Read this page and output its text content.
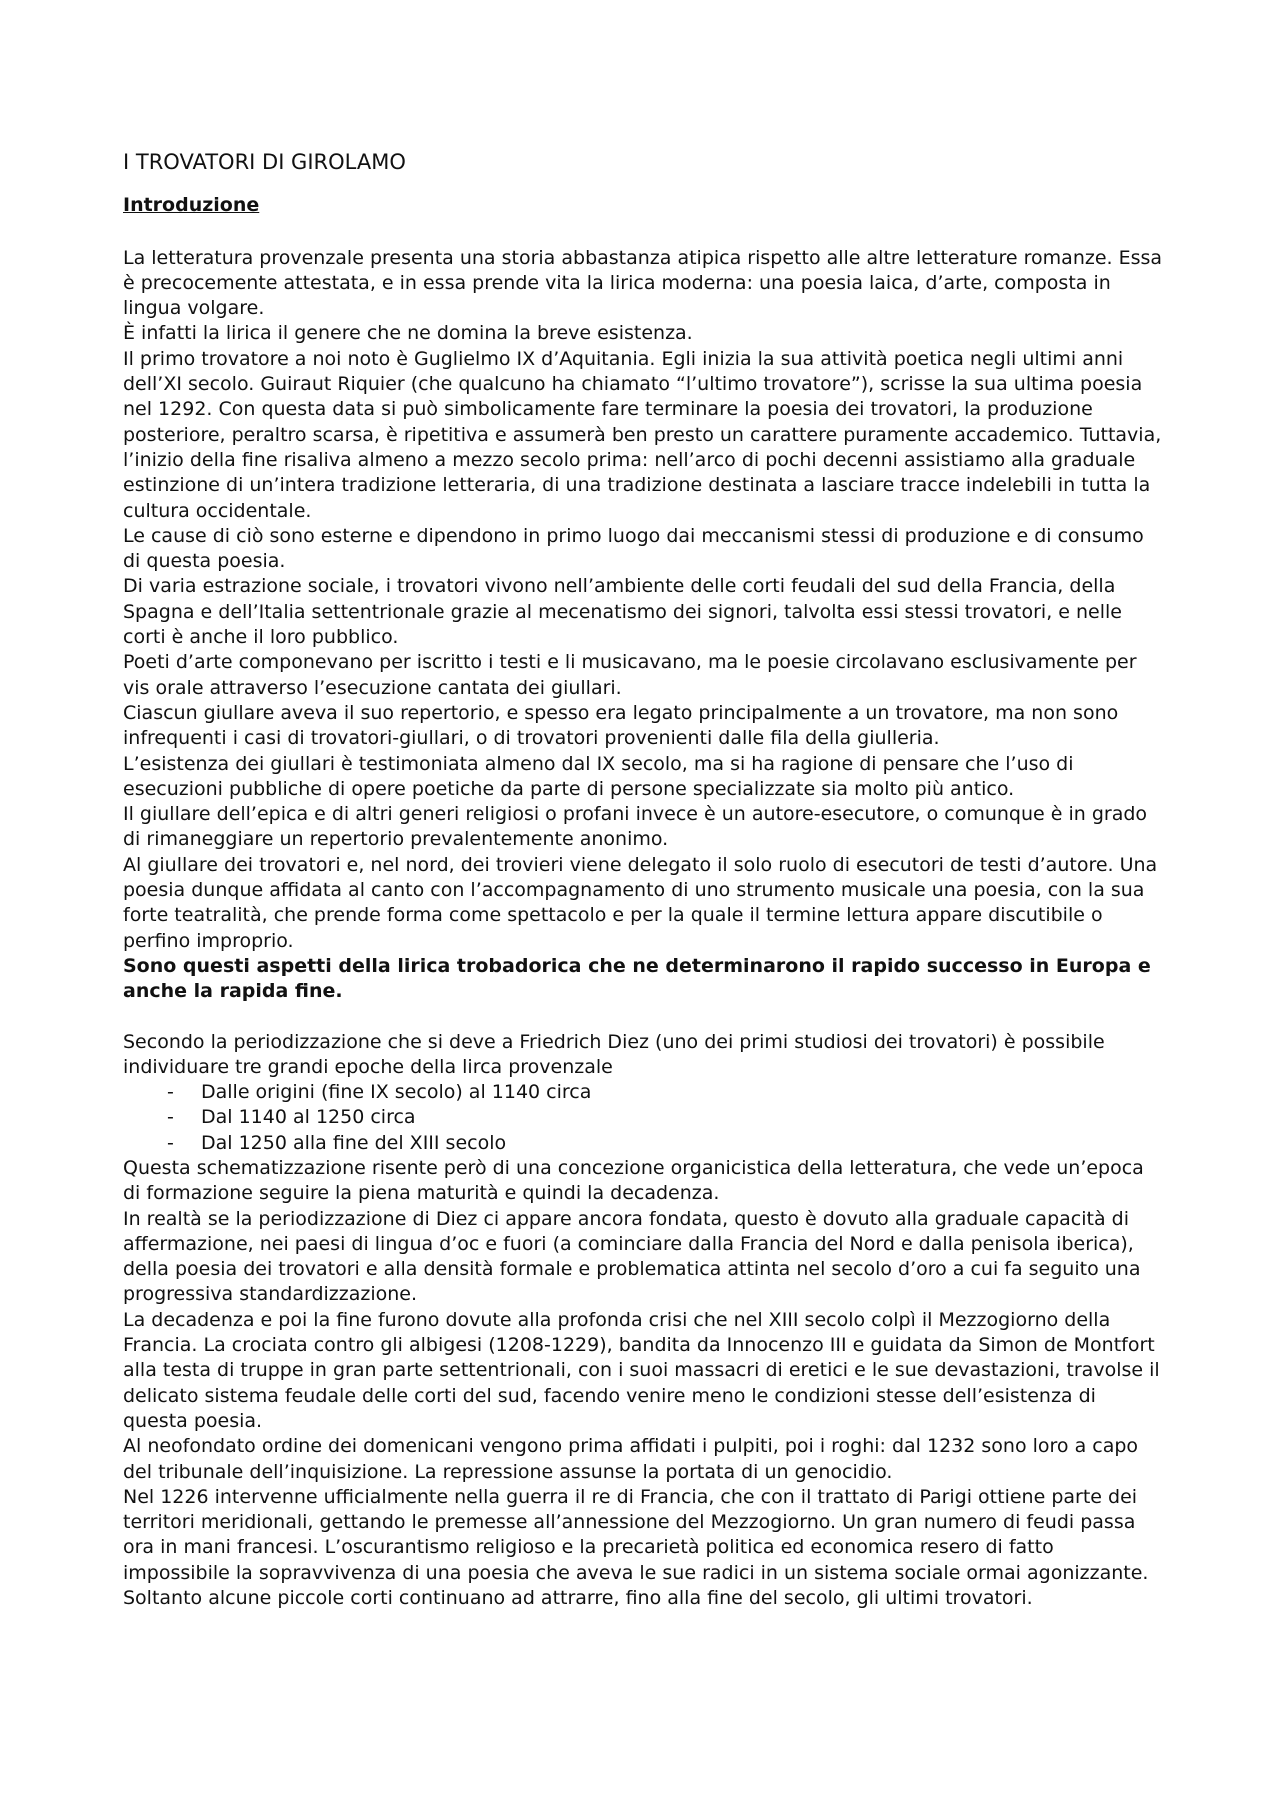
I TROVATORI DI GIROLAMO
Introduzione

La letteratura provenzale presenta una storia abbastanza atipica rispetto alle altre letterature romanze. Essa è precocemente attestata, e in essa prende vita la lirica moderna: una poesia laica, d’arte, composta in lingua volgare.

È infatti la lirica il genere che ne domina la breve esistenza.

Il primo trovatore a noi noto è Guglielmo IX d’Aquitania. Egli inizia la sua attività poetica negli ultimi anni dell’XI secolo. Guiraut Riquier (che qualcuno ha chiamato “l’ultimo trovatore”), scrisse la sua ultima poesia nel 1292. Con questa data si può simbolicamente fare terminare la poesia dei trovatori, la produzione posteriore, peraltro scarsa, è ripetitiva e assumerà ben presto un carattere puramente accademico. Tuttavia, l’inizio della fine risaliva almeno a mezzo secolo prima: nell’arco di pochi decenni assistiamo alla graduale estinzione di un’intera tradizione letteraria, di una tradizione destinata a lasciare tracce indelebili in tutta la cultura occidentale.

Le cause di ciò sono esterne e dipendono in primo luogo dai meccanismi stessi di produzione e di consumo di questa poesia.

Di varia estrazione sociale, i trovatori vivono nell’ambiente delle corti feudali del sud della Francia, della Spagna e dell’Italia settentrionale grazie al mecenatismo dei signori, talvolta essi stessi trovatori, e nelle corti è anche il loro pubblico.

Poeti d’arte componevano per iscritto i testi e li musicavano, ma le poesie circolavano esclusivamente per vis orale attraverso l’esecuzione cantata dei giullari.

Ciascun giullare aveva il suo repertorio, e spesso era legato principalmente a un trovatore, ma non sono infrequenti i casi di trovatori-giullari, o di trovatori provenienti dalle fila della giulleria.

L’esistenza dei giullari è testimoniata almeno dal IX secolo, ma si ha ragione di pensare che l’uso di esecuzioni pubbliche di opere poetiche da parte di persone specializzate sia molto più antico.

Il giullare dell’epica e di altri generi religiosi o profani invece è un autore-esecutore, o comunque è in grado di rimaneggiare un repertorio prevalentemente anonimo.

Al giullare dei trovatori e, nel nord, dei trovieri viene delegato il solo ruolo di esecutori de testi d’autore. Una poesia dunque affidata al canto con l’accompagnamento di uno strumento musicale una poesia, con la sua forte teatralità, che prende forma come spettacolo e per la quale il termine lettura appare discutibile o perfino improprio.

Sono questi aspetti della lirica trobadorica che ne determinarono il rapido successo in Europa e anche la rapida fine.

Secondo la periodizzazione che si deve a Friedrich Diez (uno dei primi studiosi dei trovatori) è possibile individuare tre grandi epoche della lirca provenzale

- Dalle origini (fine IX secolo) al 1140 circa
- Dal 1140 al 1250 circa
- Dal 1250 alla fine del XIII secolo

Questa schematizzazione risente però di una concezione organicistica della letteratura, che vede un’epoca di formazione seguire la piena maturità e quindi la decadenza.

In realtà se la periodizzazione di Diez ci appare ancora fondata, questo è dovuto alla graduale capacità di affermazione, nei paesi di lingua d’oc e fuori (a cominciare dalla Francia del Nord e dalla penisola iberica), della poesia dei trovatori e alla densità formale e problematica attinta nel secolo d’oro a cui fa seguito una progressiva standardizzazione.

La decadenza e poi la fine furono dovute alla profonda crisi che nel XIII secolo colpì il Mezzogiorno della Francia. La crociata contro gli albigesi (1208-1229), bandita da Innocenzo III e guidata da Simon de Montfort alla testa di truppe in gran parte settentrionali, con i suoi massacri di eretici e le sue devastazioni, travolse il delicato sistema feudale delle corti del sud, facendo venire meno le condizioni stesse dell’esistenza di questa poesia.

Al neofondato ordine dei domenicani vengono prima affidati i pulpiti, poi i roghi: dal 1232 sono loro a capo del tribunale dell’inquisizione. La repressione assunse la portata di un genocidio.

Nel 1226 intervenne ufficialmente nella guerra il re di Francia, che con il trattato di Parigi ottiene parte dei territori meridionali, gettando le premesse all’annessione del Mezzogiorno. Un gran numero di feudi passa ora in mani francesi. L’oscurantismo religioso e la precarietà politica ed economica resero di fatto impossibile la sopravvivenza di una poesia che aveva le sue radici in un sistema sociale ormai agonizzante.

Soltanto alcune piccole corti continuano ad attrarre, fino alla fine del secolo, gli ultimi trovatori.
